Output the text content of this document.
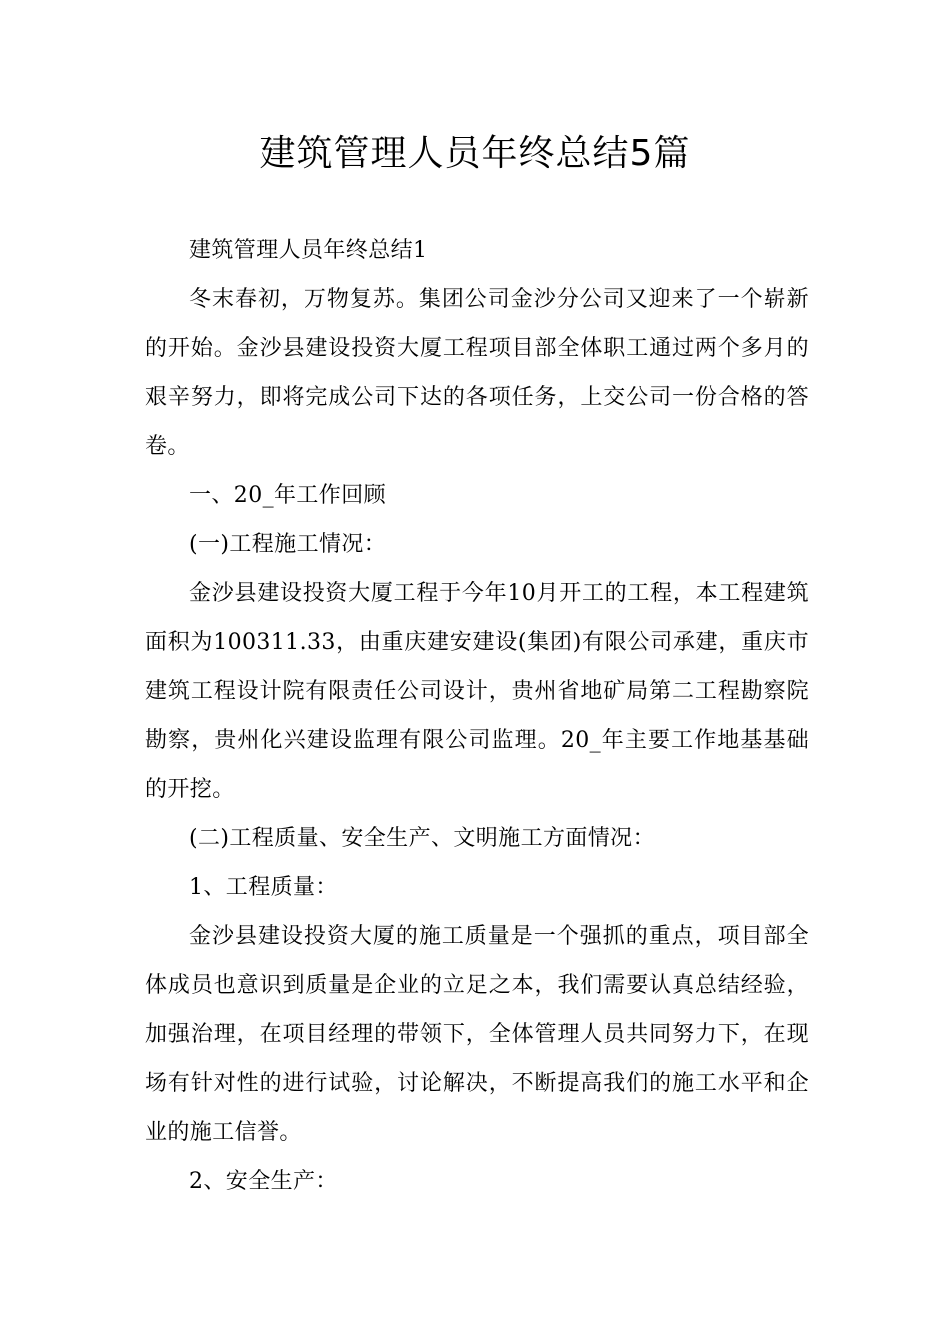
建筑管理人员年终总结5篇

建筑管理人员年终总结1

冬末春初，万物复苏。集团公司金沙分公司又迎来了一个崭新的开始。金沙县建设投资大厦工程项目部全体职工通过两个多月的艰辛努力，即将完成公司下达的各项任务，上交公司一份合格的答卷。

一、20_年工作回顾

(一)工程施工情况：

金沙县建设投资大厦工程于今年10月开工的工程，本工程建筑面积为100311.33，由重庆建安建设(集团)有限公司承建，重庆市建筑工程设计院有限责任公司设计，贵州省地矿局第二工程勘察院勘察，贵州化兴建设监理有限公司监理。20_年主要工作地基基础的开挖。

(二)工程质量、安全生产、文明施工方面情况：

1、工程质量：

金沙县建设投资大厦的施工质量是一个强抓的重点，项目部全体成员也意识到质量是企业的立足之本，我们需要认真总结经验，加强治理，在项目经理的带领下，全体管理人员共同努力下，在现场有针对性的进行试验，讨论解决，不断提高我们的施工水平和企业的施工信誉。

2、安全生产：
